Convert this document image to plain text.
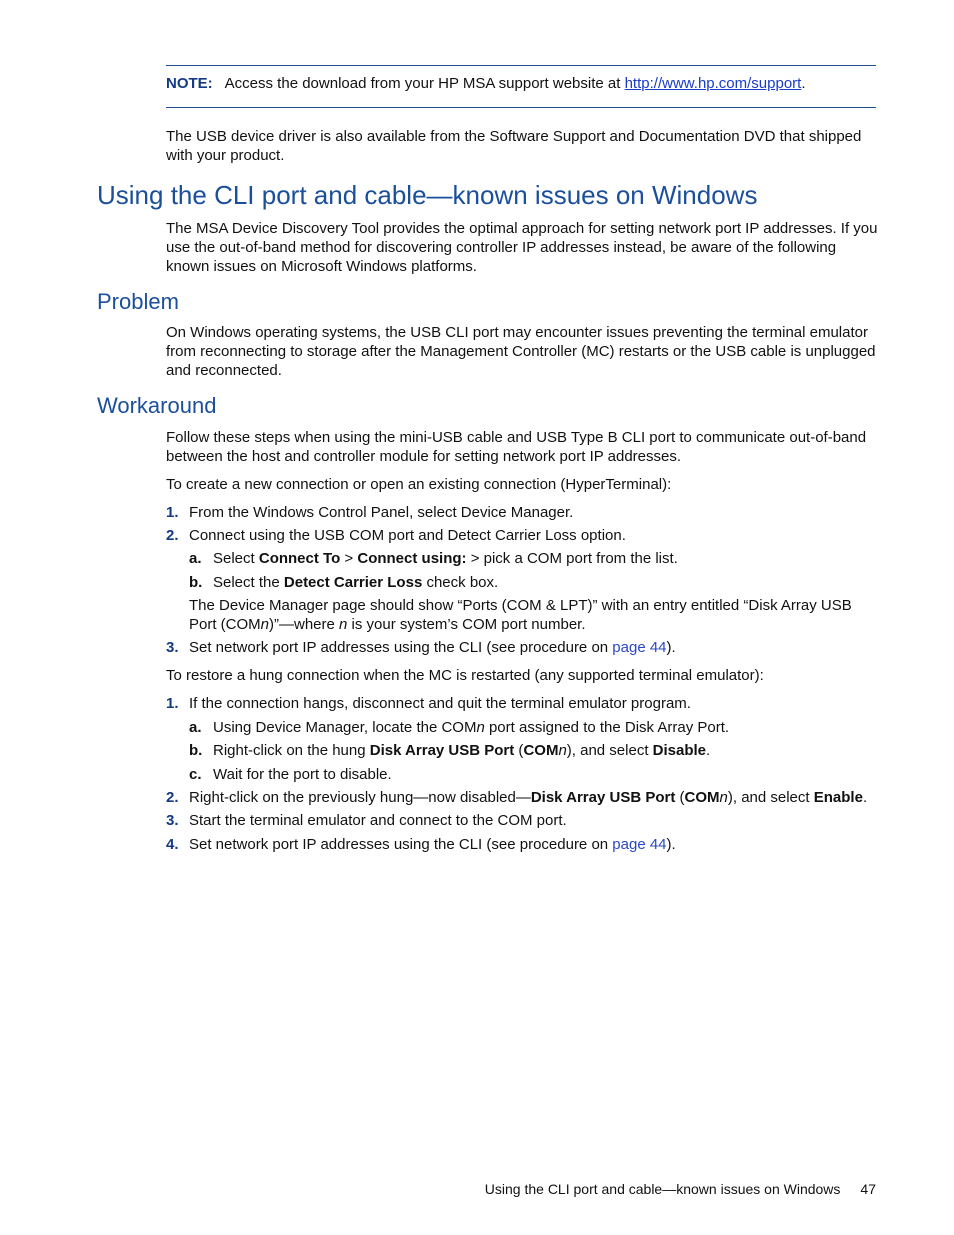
NOTE: Access the download from your HP MSA support website at http://www.hp.com/support.
The USB device driver is also available from the Software Support and Documentation DVD that shipped with your product.
Using the CLI port and cable—known issues on Windows
The MSA Device Discovery Tool provides the optimal approach for setting network port IP addresses. If you use the out-of-band method for discovering controller IP addresses instead, be aware of the following known issues on Microsoft Windows platforms.
Problem
On Windows operating systems, the USB CLI port may encounter issues preventing the terminal emulator from reconnecting to storage after the Management Controller (MC) restarts or the USB cable is unplugged and reconnected.
Workaround
Follow these steps when using the mini-USB cable and USB Type B CLI port to communicate out-of-band between the host and controller module for setting network port IP addresses.
To create a new connection or open an existing connection (HyperTerminal):
1. From the Windows Control Panel, select Device Manager.
2. Connect using the USB COM port and Detect Carrier Loss option.
a. Select Connect To > Connect using: > pick a COM port from the list.
b. Select the Detect Carrier Loss check box.
The Device Manager page should show “Ports (COM & LPT)” with an entry entitled “Disk Array USB Port (COMn)”—where n is your system’s COM port number.
3. Set network port IP addresses using the CLI (see procedure on page 44).
To restore a hung connection when the MC is restarted (any supported terminal emulator):
1. If the connection hangs, disconnect and quit the terminal emulator program.
a. Using Device Manager, locate the COMn port assigned to the Disk Array Port.
b. Right-click on the hung Disk Array USB Port (COMn), and select Disable.
c. Wait for the port to disable.
2. Right-click on the previously hung—now disabled—Disk Array USB Port (COMn), and select Enable.
3. Start the terminal emulator and connect to the COM port.
4. Set network port IP addresses using the CLI (see procedure on page 44).
Using the CLI port and cable—known issues on Windows 47
